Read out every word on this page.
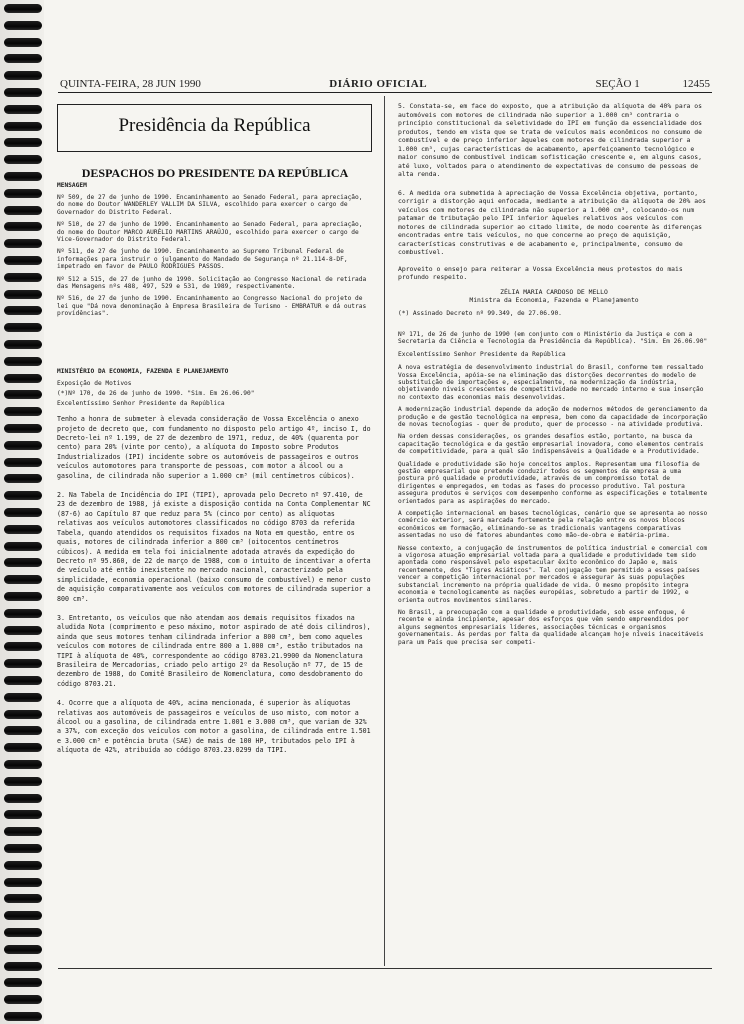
QUINTA-FEIRA, 28 JUN 1990	DIÁRIO OFICIAL	SEÇÃO 1	12455
Presidência da República
DESPACHOS DO PRESIDENTE DA REPÚBLICA

MENSAGEM

Nº 509, de 27 de junho de 1990. Encaminhamento ao Senado Federal, para apreciação, do nome do Doutor WANDERLEY VALLIM DA SILVA, escolhido para exercer o cargo de Governador do Distrito Federal.

Nº 510, de 27 de junho de 1990. Encaminhamento ao Senado Federal, para apreciação, do nome do Doutor MARCO AURÉLIO MARTINS ARAÚJO, escolhido para exercer o cargo de Vice-Governador do Distrito Federal.

Nº 511, de 27 de junho de 1990. Encaminhamento ao Supremo Tribunal Federal de informações para instruir o julgamento do Mandado de Segurança nº 21.114-8-DF, impetrado em favor de PAULO RODRIGUES PASSOS.

Nº 512 a 515, de 27 de junho de 1990. Solicitação ao Congresso Nacional de retirada das Mensagens nºs 488, 497, 529 e 531, de 1989, respectivamente.

Nº 516, de 27 de junho de 1990. Encaminhamento ao Congresso Nacional do projeto de lei que "Dá nova denominação à Empresa Brasileira de Turismo - EMBRATUR e dá outras providências".

MINISTÉRIO DA ECONOMIA, FAZENDA E PLANEJAMENTO

Exposição de Motivos

(*)Nº 170, de 26 de junho de 1990. "Sim. Em 26.06.90"

Excelentíssimo Senhor Presidente da República

Tenho a honra de submeter à elevada consideração de Vossa Excelência o anexo projeto de decreto que, com fundamento no disposto pelo artigo 4º, inciso I, do Decreto-lei nº 1.199, de 27 de dezembro de 1971, reduz, de 40% (quarenta por cento) para 20% (vinte por cento), a alíquota do Imposto sobre Produtos Industrializados (IPI) incidente sobre os automóveis de passageiros e outros veículos automotores para transporte de pessoas, com motor a álcool ou a gasolina, de cilindrada não superior a 1.000 cm³ (mil centímetros cúbicos).

2. Na Tabela de Incidência do IPI (TIPI), aprovada pelo Decreto nº 97.410, de 23 de dezembro de 1988, já existe a disposição contida na Conta Complementar NC (87-6) ao Capítulo 87 que reduz para 5% (cinco por cento) as alíquotas relativas aos veículos automotores classificados no código 8703 da referida Tabela, quando atendidos os requisitos fixados na Nota em questão, entre os quais, motores de cilindrada inferior a 800 cm³ (oitocentos centímetros cúbicos). A medida em tela foi inicialmente adotada através da expedição do Decreto nº 95.860, de 22 de março de 1988, com o intuito de incentivar a oferta de veículo até então inexistente no mercado nacional, caracterizado pela simplicidade, economia operacional (baixo consumo de combustível) e menor custo de aquisição comparativamente aos veículos com motores de cilindrada superior a 800 cm³.

3. Entretanto, os veículos que não atendam aos demais requisitos fixados na aludida Nota (comprimento e peso máximo, motor aspirado de até dois cilindros), ainda que seus motores tenham cilindrada inferior a 800 cm³, bem como aqueles veículos com motores de cilindrada entre 800 a 1.000 cm³, estão tributados na TIPI à alíquota de 40%, correspondente ao código 8703.21.9900 da Nomenclatura Brasileira de Mercadorias, criado pelo artigo 2º da Resolução nº 77, de 15 de dezembro de 1988, do Comitê Brasileiro de Nomenclatura, como desdobramento do código 8703.21.

4. Ocorre que a alíquota de 40%, acima mencionada, é superior às alíquotas relativas aos automóveis de passageiros e veículos de uso misto, com motor a álcool ou a gasolina, de cilindrada entre 1.001 e 3.000 cm³, que variam de 32% a 37%, com exceção dos veículos com motor a gasolina, de cilindrada entre 1.501 e 3.000 cm³ e potência bruta (SAE) de mais de 100 HP, tributados pelo IPI à alíquota de 42%, atribuída ao código 8703.23.0299 da TIPI.

5. Constata-se, em face do exposto, que a atribuição da alíquota de 40% para os automóveis com motores de cilindrada não superior a 1.000 cm³ contraria o princípio constitucional da seletividade do IPI em função da essencialidade dos produtos, tendo em vista que se trata de veículos mais econômicos no consumo de combustível e de preço inferior àqueles com motores de cilindrada superior a 1.000 cm³, cujas características de acabamento, aperfeiçoamento tecnológico e maior consumo de combustível indicam sofisticação crescente e, em alguns casos, até luxo, voltados para o atendimento de expectativas de consumo de pessoas de alta renda.

6. A medida ora submetida à apreciação de Vossa Excelência objetiva, portanto, corrigir a distorção aqui enfocada, mediante a atribuição da alíquota de 20% aos veículos com motores de cilindrada não superior a 1.000 cm³, colocando-os num patamar de tributação pelo IPI inferior àqueles relativos aos veículos com motores de cilindrada superior ao citado limite, de modo coerente às diferenças encontradas entre tais veículos, no que concerne ao preço de aquisição, características construtivas e de acabamento e, principalmente, consumo de combustível.

Aproveito o ensejo para reiterar a Vossa Excelência meus protestos do mais profundo respeito.

ZÉLIA MARIA CARDOSO DE MELLO

Ministra da Economia, Fazenda e Planejamento

(*) Assinado Decreto nº 99.349, de 27.06.90.

Nº 171, de 26 de junho de 1990 (em conjunto com o Ministério da Justiça e com a Secretaria da Ciência e Tecnologia da Presidência da República). "Sim. Em 26.06.90"

Excelentíssimo Senhor Presidente da República

A nova estratégia de desenvolvimento industrial do Brasil, conforme tem ressaltado Vossa Excelência, apóia-se na eliminação das distorções decorrentes do modelo de substituição de importações e, especialmente, na modernização da indústria, objetivando níveis crescentes de competitividade no mercado interno e sua inserção no contexto das economias mais desenvolvidas.

A modernização industrial depende da adoção de modernos métodos de gerenciamento da produção e de gestão tecnológica na empresa, bem como da capacidade de incorporação de novas tecnologias - quer de produto, quer de processo - na atividade produtiva.

Na ordem dessas considerações, os grandes desafios estão, portanto, na busca da capacitação tecnológica e da gestão empresarial inovadora, como elementos centrais de competitividade, para a qual são indispensáveis a Qualidade e a Produtividade.

Qualidade e produtividade são hoje conceitos amplos. Representam uma filosofia de gestão empresarial que pretende conduzir todos os segmentos da empresa a uma postura pró qualidade e produtividade, através de um compromisso total de dirigentes e empregados, em todas as fases do processo produtivo. Tal postura assegura produtos e serviços com desempenho conforme as especificações e totalmente orientados para as aspirações do mercado.

A competição internacional em bases tecnológicas, cenário que se apresenta ao nosso comércio exterior, será marcada fortemente pela relação entre os novos blocos econômicos em formação, eliminando-se as tradicionais vantagens comparativas assentadas no uso de fatores abundantes como mão-de-obra e matéria-prima.

Nesse contexto, a conjugação de instrumentos de política industrial e comercial com a vigorosa atuação empresarial voltada para a qualidade e produtividade tem sido apontada como responsável pelo espetacular êxito econômico do Japão e, mais recentemente, dos "Tigres Asiáticos". Tal conjugação tem permitido a esses países vencer a competição internacional por mercados e assegurar às suas populações substancial incremento na própria qualidade de vida. O mesmo propósito integra economia e tecnologicamente as nações européias, sobretudo a partir de 1992, e orienta outros movimentos similares.

No Brasil, a preocupação com a qualidade e produtividade, sob esse enfoque, é recente e ainda incipiente, apesar dos esforços que vêm sendo empreendidos por alguns segmentos empresariais líderes, associações técnicas e organismos governamentais. Ás perdas por falta da qualidade alcançam hoje níveis inaceitáveis para um País que precisa ser competi-
